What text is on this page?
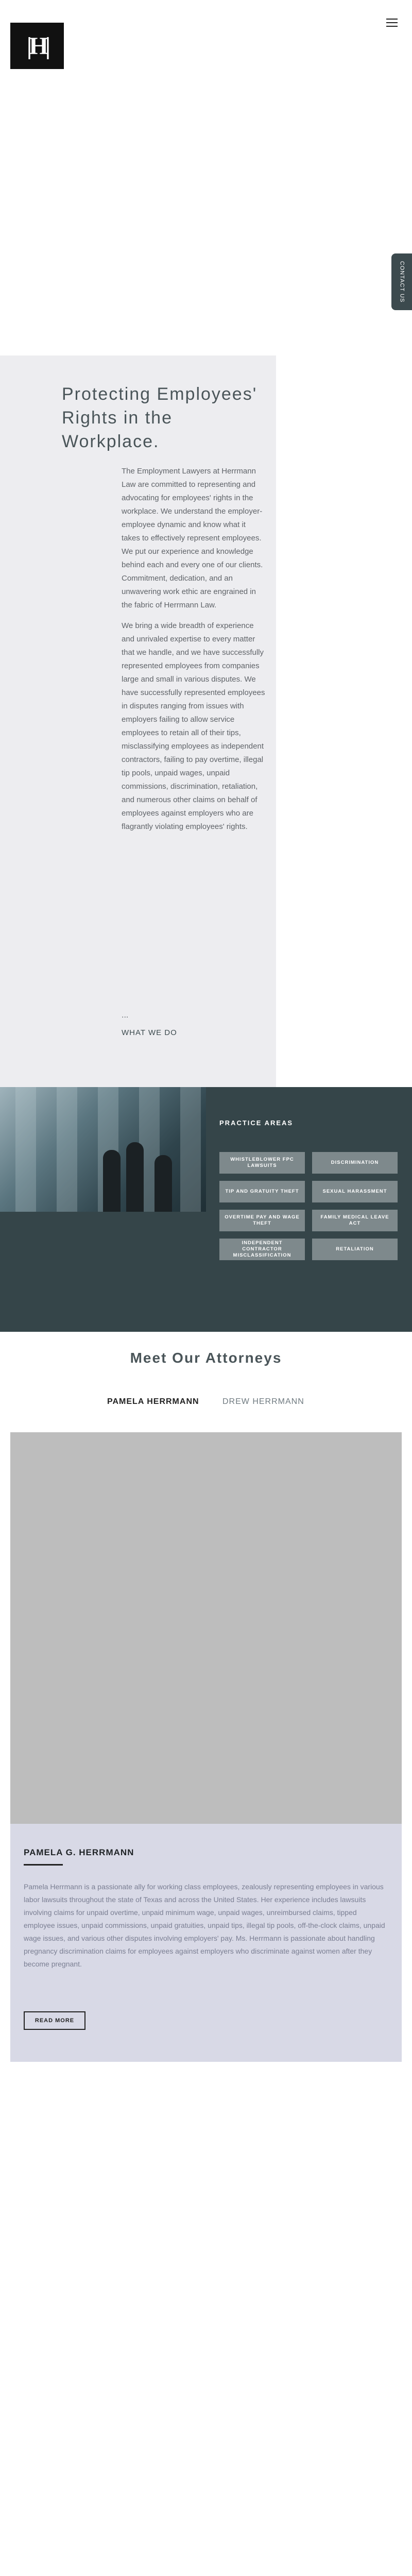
|H|
CONTACT US
Protecting Employees' Rights in the Workplace.

The Employment Lawyers at Herrmann Law are committed to representing and advocating for employees' rights in the workplace. We understand the employer-employee dynamic and know what it takes to effectively represent employees. We put our experience and knowledge behind each and every one of our clients. Commitment, dedication, and an unwavering work ethic are engrained in the fabric of Herrmann Law.

We bring a wide breadth of experience and unrivaled expertise to every matter that we handle, and we have successfully represented employees from companies large and small in various disputes. We have successfully represented employees in disputes ranging from issues with employers failing to allow service employees to retain all of their tips, misclassifying employees as independent contractors, failing to pay overtime, illegal tip pools, unpaid wages, unpaid commissions, discrimination, retaliation, and numerous other claims on behalf of employees against employers who are flagrantly violating employees' rights.

...
WHAT WE DO
PRACTICE AREAS
WHISTLEBLOWER FPC LAWSUITS
DISCRIMINATION
TIP AND GRATUITY THEFT	SEXUAL HARASSMENT
OVERTIME PAY AND WAGE THEFT
FAMILY MEDICAL LEAVE ACT
INDEPENDENT CONTRACTOR MISCLASSIFICATION
RETALIATION
Meet Our Attorneys
PAMELA HERRMANN	DREW HERRMANN
PAMELA G. HERRMANN

Pamela Herrmann is a passionate ally for working class employees, zealously representing employees in various labor lawsuits throughout the state of Texas and across the United States. Her experience includes lawsuits involving claims for unpaid overtime, unpaid minimum wage, unpaid wages, unreimbursed claims, tipped employee issues, unpaid commissions, unpaid gratuities, unpaid tips, illegal tip pools, off-the-clock claims, unpaid wage issues, and various other disputes involving employers' pay. Ms. Herrmann is passionate about handling pregnancy discrimination claims for employees against employers who discriminate against women after they become pregnant.

READ MORE
